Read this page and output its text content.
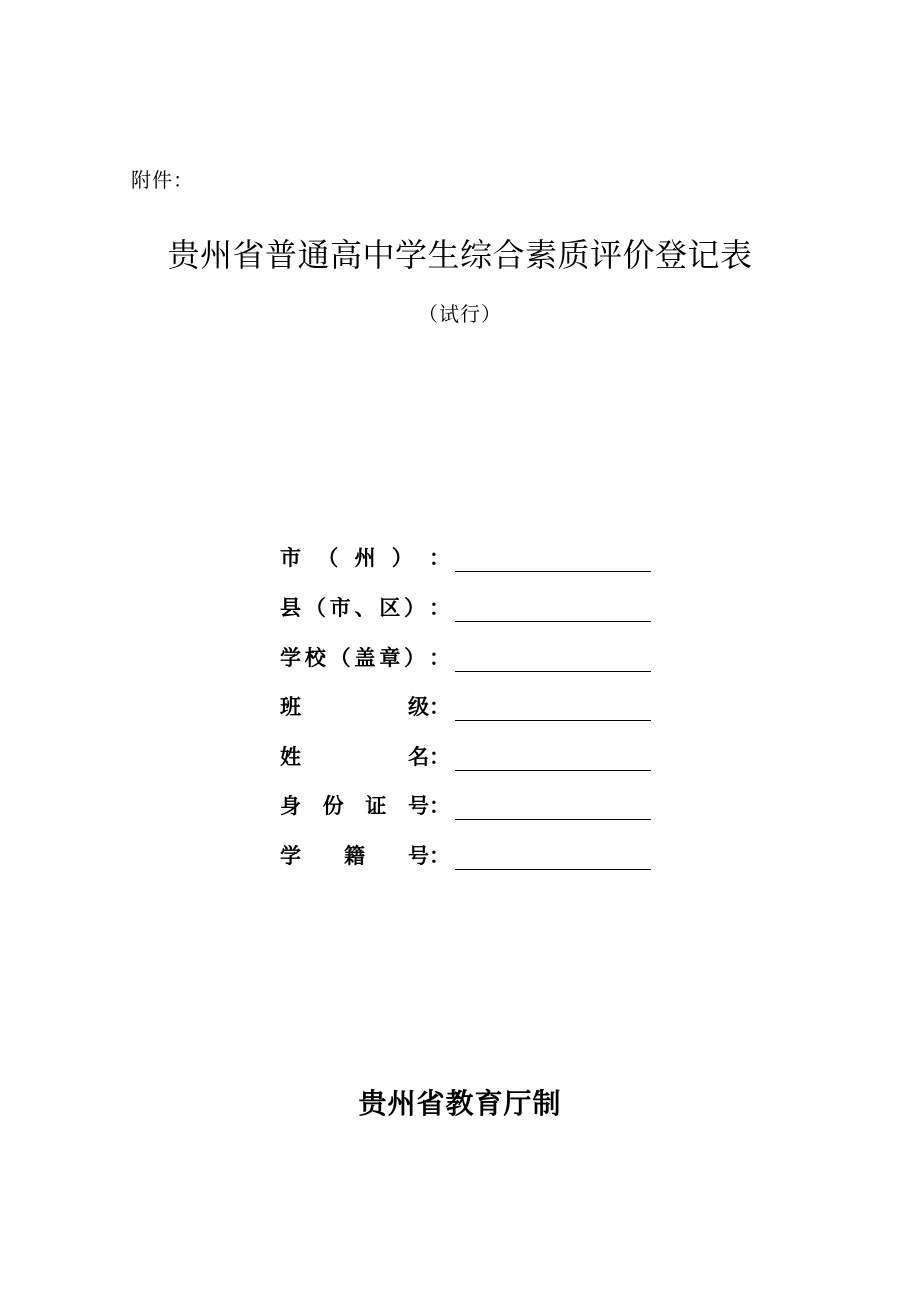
附件：
贵州省普通高中学生综合素质评价登记表
（试行）
市 （ 州 ） ：
县 （ 市 、 区 ） ：
学 校 （ 盖 章 ） ：
班	级：
姓	名：
身 份 证 号：
学 籍 号：
贵州省教育厅制
